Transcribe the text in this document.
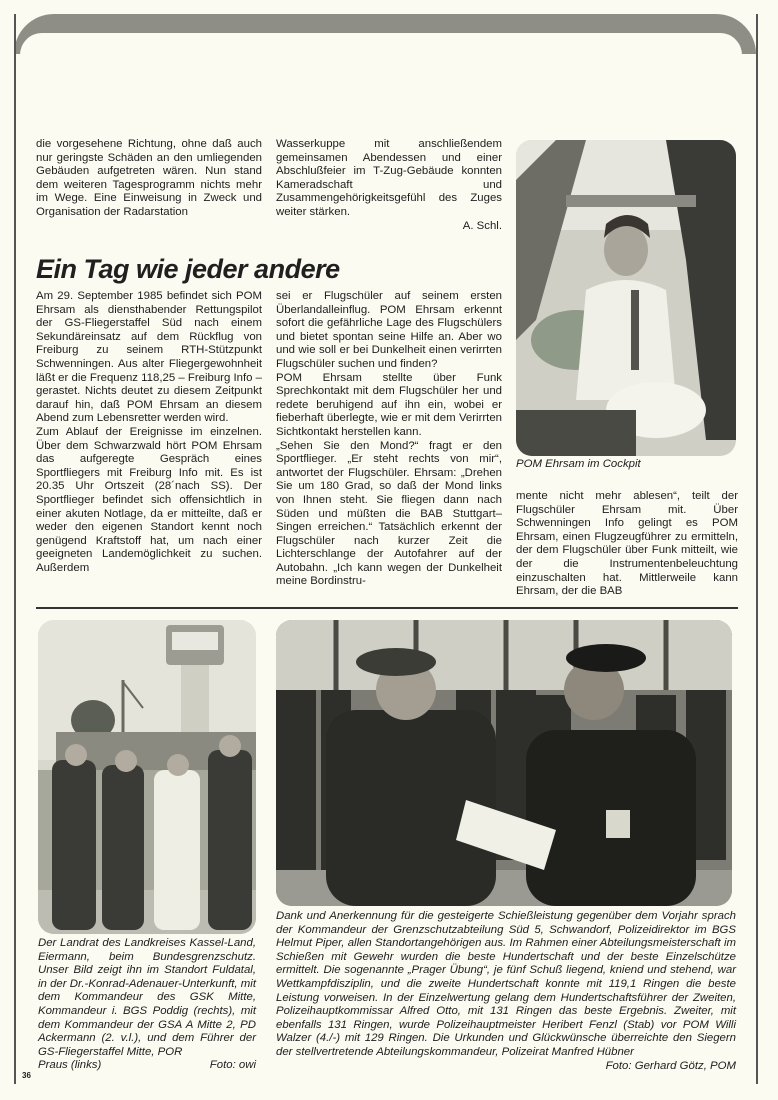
die vorgesehene Richtung, ohne daß auch nur geringste Schäden an den umliegenden Gebäuden aufgetreten wären. Nun stand dem weiteren Tagesprogramm nichts mehr im Wege. Eine Einweisung in Zweck und Organisation der Radarstation

Wasserkuppe mit anschließendem gemeinsamen Abendessen und einer Abschlußfeier im T-Zug-Gebäude konnten Kameradschaft und Zusammengehörigkeitsgefühl des Zuges weiter stärken.

A. Schl.

POM Ehrsam im Cockpit
Ein Tag wie jeder andere

Am 29. September 1985 befindet sich POM Ehrsam als diensthabender Rettungspilot der GS-Fliegerstaffel Süd nach einem Sekundäreinsatz auf dem Rückflug von Freiburg zu seinem RTH-Stützpunkt Schwenningen. Aus alter Fliegergewohnheit läßt er die Frequenz 118,25 – Freiburg Info – gerastet. Nichts deutet zu diesem Zeitpunkt darauf hin, daß POM Ehrsam an diesem Abend zum Lebensretter werden wird.

Zum Ablauf der Ereignisse im einzelnen. Über dem Schwarzwald hört POM Ehrsam das aufgeregte Gespräch eines Sportfliegers mit Freiburg Info mit. Es ist 20.35 Uhr Ortszeit (28´nach SS). Der Sportflieger befindet sich offensichtlich in einer akuten Notlage, da er mitteilte, daß er weder den eigenen Standort kennt noch genügend Kraftstoff hat, um nach einer geeigneten Landemöglichkeit zu suchen. Außerdem

sei er Flugschüler auf seinem ersten Überlandalleinflug. POM Ehrsam erkennt sofort die gefährliche Lage des Flugschülers und bietet spontan seine Hilfe an. Aber wo und wie soll er bei Dunkelheit einen verirrten Flugschüler suchen und finden?

POM Ehrsam stellte über Funk Sprechkontakt mit dem Flugschüler her und redete beruhigend auf ihn ein, wobei er fieberhaft überlegte, wie er mit dem Verirrten Sichtkontakt herstellen kann.

„Sehen Sie den Mond?“ fragt er den Sportflieger. „Er steht rechts von mir“, antwortet der Flugschüler. Ehrsam: „Drehen Sie um 180 Grad, so daß der Mond links von Ihnen steht. Sie fliegen dann nach Süden und müßten die BAB Stuttgart–Singen erreichen.“ Tatsächlich erkennt der Flugschüler nach kurzer Zeit die Lichterschlange der Autofahrer auf der Autobahn. „Ich kann wegen der Dunkelheit meine Bordinstru-

mente nicht mehr ablesen“, teilt der Flugschüler Ehrsam mit. Über Schwenningen Info gelingt es POM Ehrsam, einen Flugzeugführer zu ermitteln, der dem Flugschüler über Funk mitteilt, wie der die Instrumentenbeleuchtung einzuschalten hat. Mittlerweile kann Ehrsam, der die BAB

Der Landrat des Landkreises Kassel-Land, Eiermann, beim Bundesgrenzschutz. Unser Bild zeigt ihn im Standort Fuldatal, in der Dr.-Konrad-Adenauer-Unterkunft, mit dem Kommandeur des GSK Mitte, Kommandeur i. BGS Poddig (rechts), mit dem Kommandeur der GSA A Mitte 2, PD Ackermann (2. v.l.), und dem Führer der GS-Fliegerstaffel Mitte, POR
Praus (links)	Foto: owi
36
Dank und Anerkennung für die gesteigerte Schießleistung gegenüber dem Vorjahr sprach der Kommandeur der Grenzschutzabteilung Süd 5, Schwandorf, Polizeidirektor im BGS Helmut Piper, allen Standortangehörigen aus. Im Rahmen einer Abteilungsmeisterschaft im Schießen mit Gewehr wurden die beste Hundertschaft und der beste Einzelschütze ermittelt. Die sogenannte „Prager Übung“, je fünf Schuß liegend, kniend und stehend, war Wettkampfdisziplin, und die zweite Hundertschaft konnte mit 119,1 Ringen die beste Leistung vorweisen. In der Einzelwertung gelang dem Hundertschaftsführer der Zweiten, Polizeihauptkommissar Alfred Otto, mit 131 Ringen das beste Ergebnis. Zweiter, mit ebenfalls 131 Ringen, wurde Polizeihauptmeister Heribert Fenzl (Stab) vor POM Willi Walzer (4./-) mit 129 Ringen. Die Urkunden und Glückwünsche überreichte den Siegern der stellvertretende Abteilungskommandeur, Polizeirat Manfred Hübner
Foto: Gerhard Götz, POM
